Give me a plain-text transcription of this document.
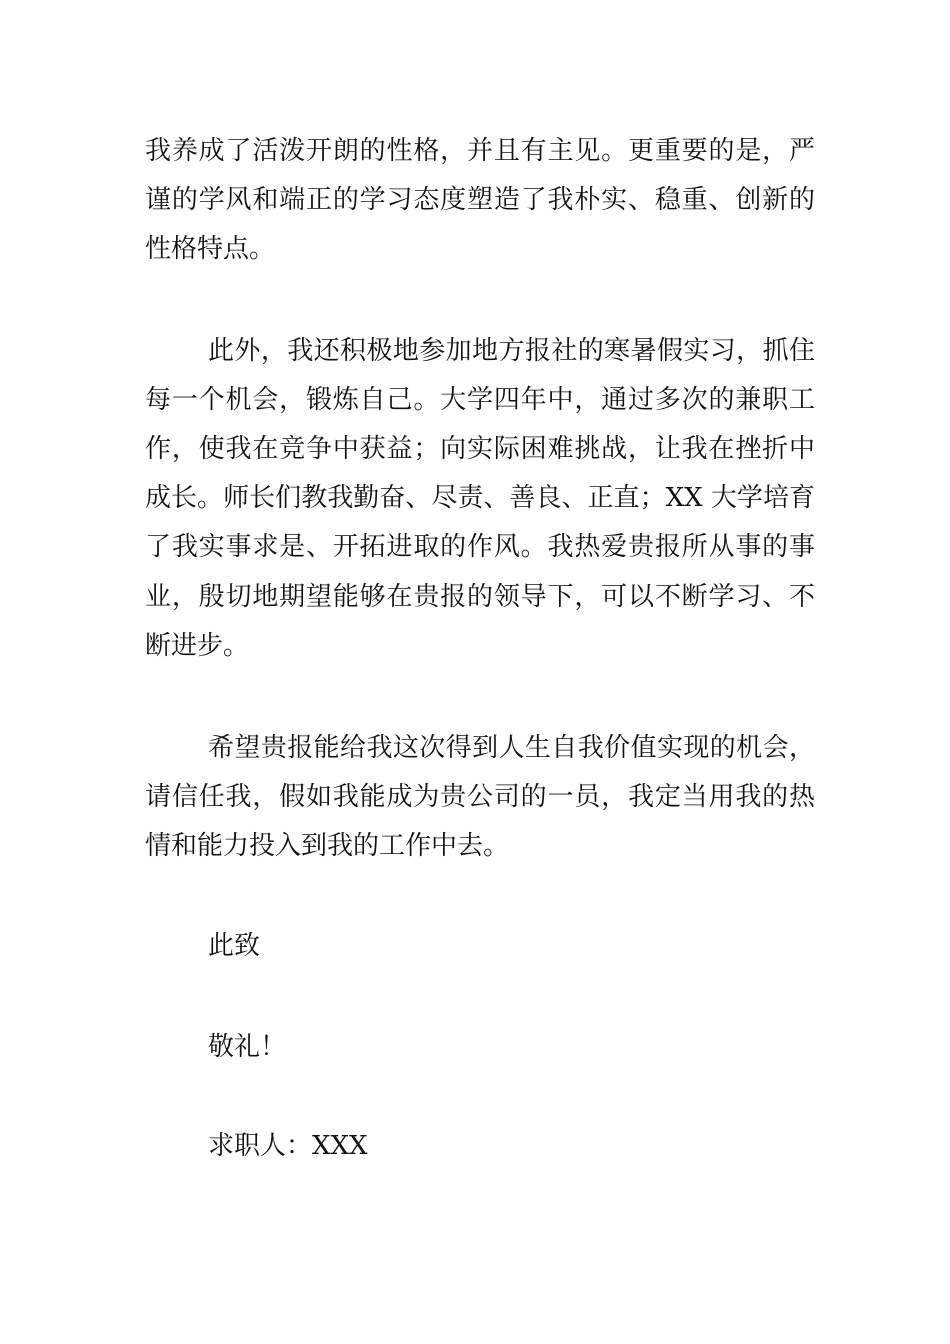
我养成了活泼开朗的性格，并且有主见。更重要的是，严
谨的学风和端正的学习态度塑造了我朴实、稳重、创新的
性格特点。
此外，我还积极地参加地方报社的寒暑假实习，抓住
每一个机会，锻炼自己。大学四年中，通过多次的兼职工
作，使我在竞争中获益；向实际困难挑战，让我在挫折中
成长。师长们教我勤奋、尽责、善良、正直；XX 大学培育
了我实事求是、开拓进取的作风。我热爱贵报所从事的事
业，殷切地期望能够在贵报的领导下，可以不断学习、不
断进步。
希望贵报能给我这次得到人生自我价值实现的机会，
请信任我，假如我能成为贵公司的一员，我定当用我的热
情和能力投入到我的工作中去。
此致
敬礼！
求职人：XXX
